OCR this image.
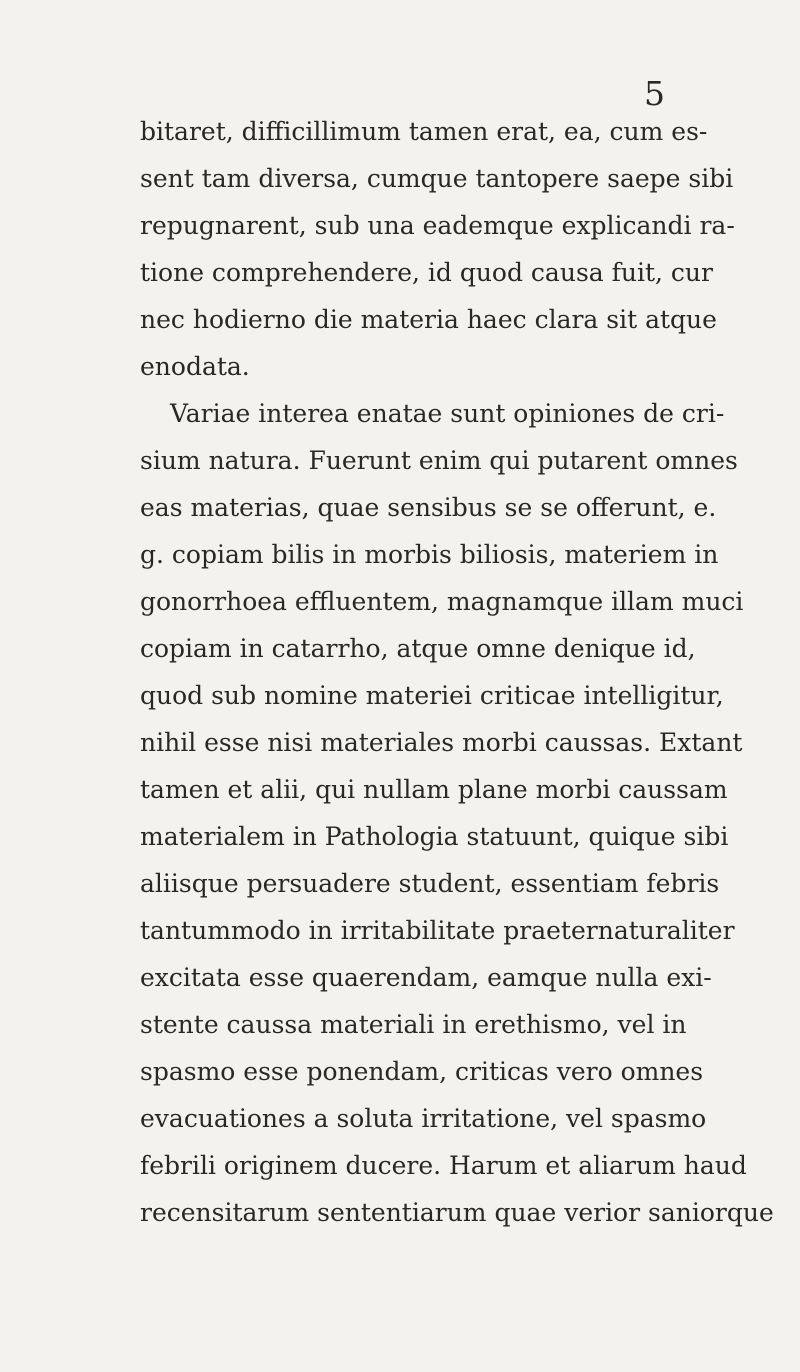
5
bitaret, difficillimum tamen erat, ea, cum es-
sent tam diversa, cumque tantopere saepe sibi
repugnarent, sub una eademque explicandi ra-
tione comprehendere, id quod causa fuit, cur
nec hodierno die materia haec clara sit atque
enodata.
Variae interea enatae sunt opiniones de cri-
sium natura. Fuerunt enim qui putarent omnes
eas materias, quae sensibus se se offerunt, e.
g. copiam bilis in morbis biliosis, materiem in
gonorrhoea effluentem, magnamque illam muci
copiam in catarrho, atque omne denique id,
quod sub nomine materiei criticae intelligitur,
nihil esse nisi materiales morbi caussas. Extant
tamen et alii, qui nullam plane morbi caussam
materialem in Pathologia statuunt, quique sibi
aliisque persuadere student, essentiam febris
tantummodo in irritabilitate praeternaturaliter
excitata esse quaerendam, eamque nulla exi-
stente caussa materiali in erethismo, vel in
spasmo esse ponendam, criticas vero omnes
evacuationes a soluta irritatione, vel spasmo
febrili originem ducere. Harum et aliarum haud
recensitarum sententiarum quae verior saniorque
